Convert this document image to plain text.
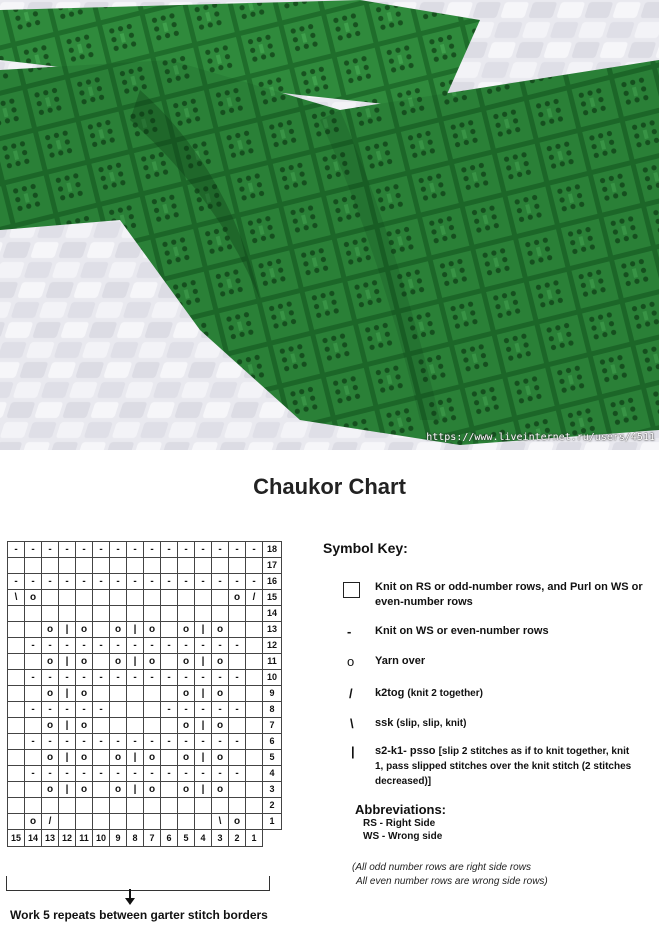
https://www.liveinternet.ru/users/4511
Chaukor Chart
-	-	-	-	-	-	-	-	-	-	-	-	-	-	-	18
															17
-	-	-	-	-	-	-	-	-	-	-	-	-	-	-	16
\	o												o	/	15
															14
		o	|	o		o	|	o		o	|	o			13
	-	-	-	-	-	-	-	-	-	-	-	-	-		12
		o	|	o		o	|	o		o	|	o			11
	-	-	-	-	-	-	-	-	-	-	-	-	-		10
		o	|	o						o	|	o			9
	-	-	-	-	-				-	-	-	-	-		8
		o	|	o						o	|	o			7
	-	-	-	-	-	-	-	-	-	-	-	-	-		6
		o	|	o		o	|	o		o	|	o			5
	-	-	-	-	-	-	-	-	-	-	-	-	-		4
		o	|	o		o	|	o		o	|	o			3
															2
	o	/										\	o		1
15	14	13	12	11	10	9	8	7	6	5	4	3	2	1	
Work 5 repeats between garter stitch borders
Symbol Key:
Knit on RS or odd-number rows, and Purl on WS or even-number rows
- Knit on WS or even-number rows
o Yarn over
/ k2tog (knit 2 together)
\ ssk (slip, slip, knit)
| s2-k1- psso [slip 2 stitches as if to knit together, knit 1, pass slipped stitches over the knit stitch (2 stitches decreased)]
Abbreviations:
RS - Right Side
WS - Wrong side
(All odd number rows are right side rows
All even number rows are wrong side rows)
